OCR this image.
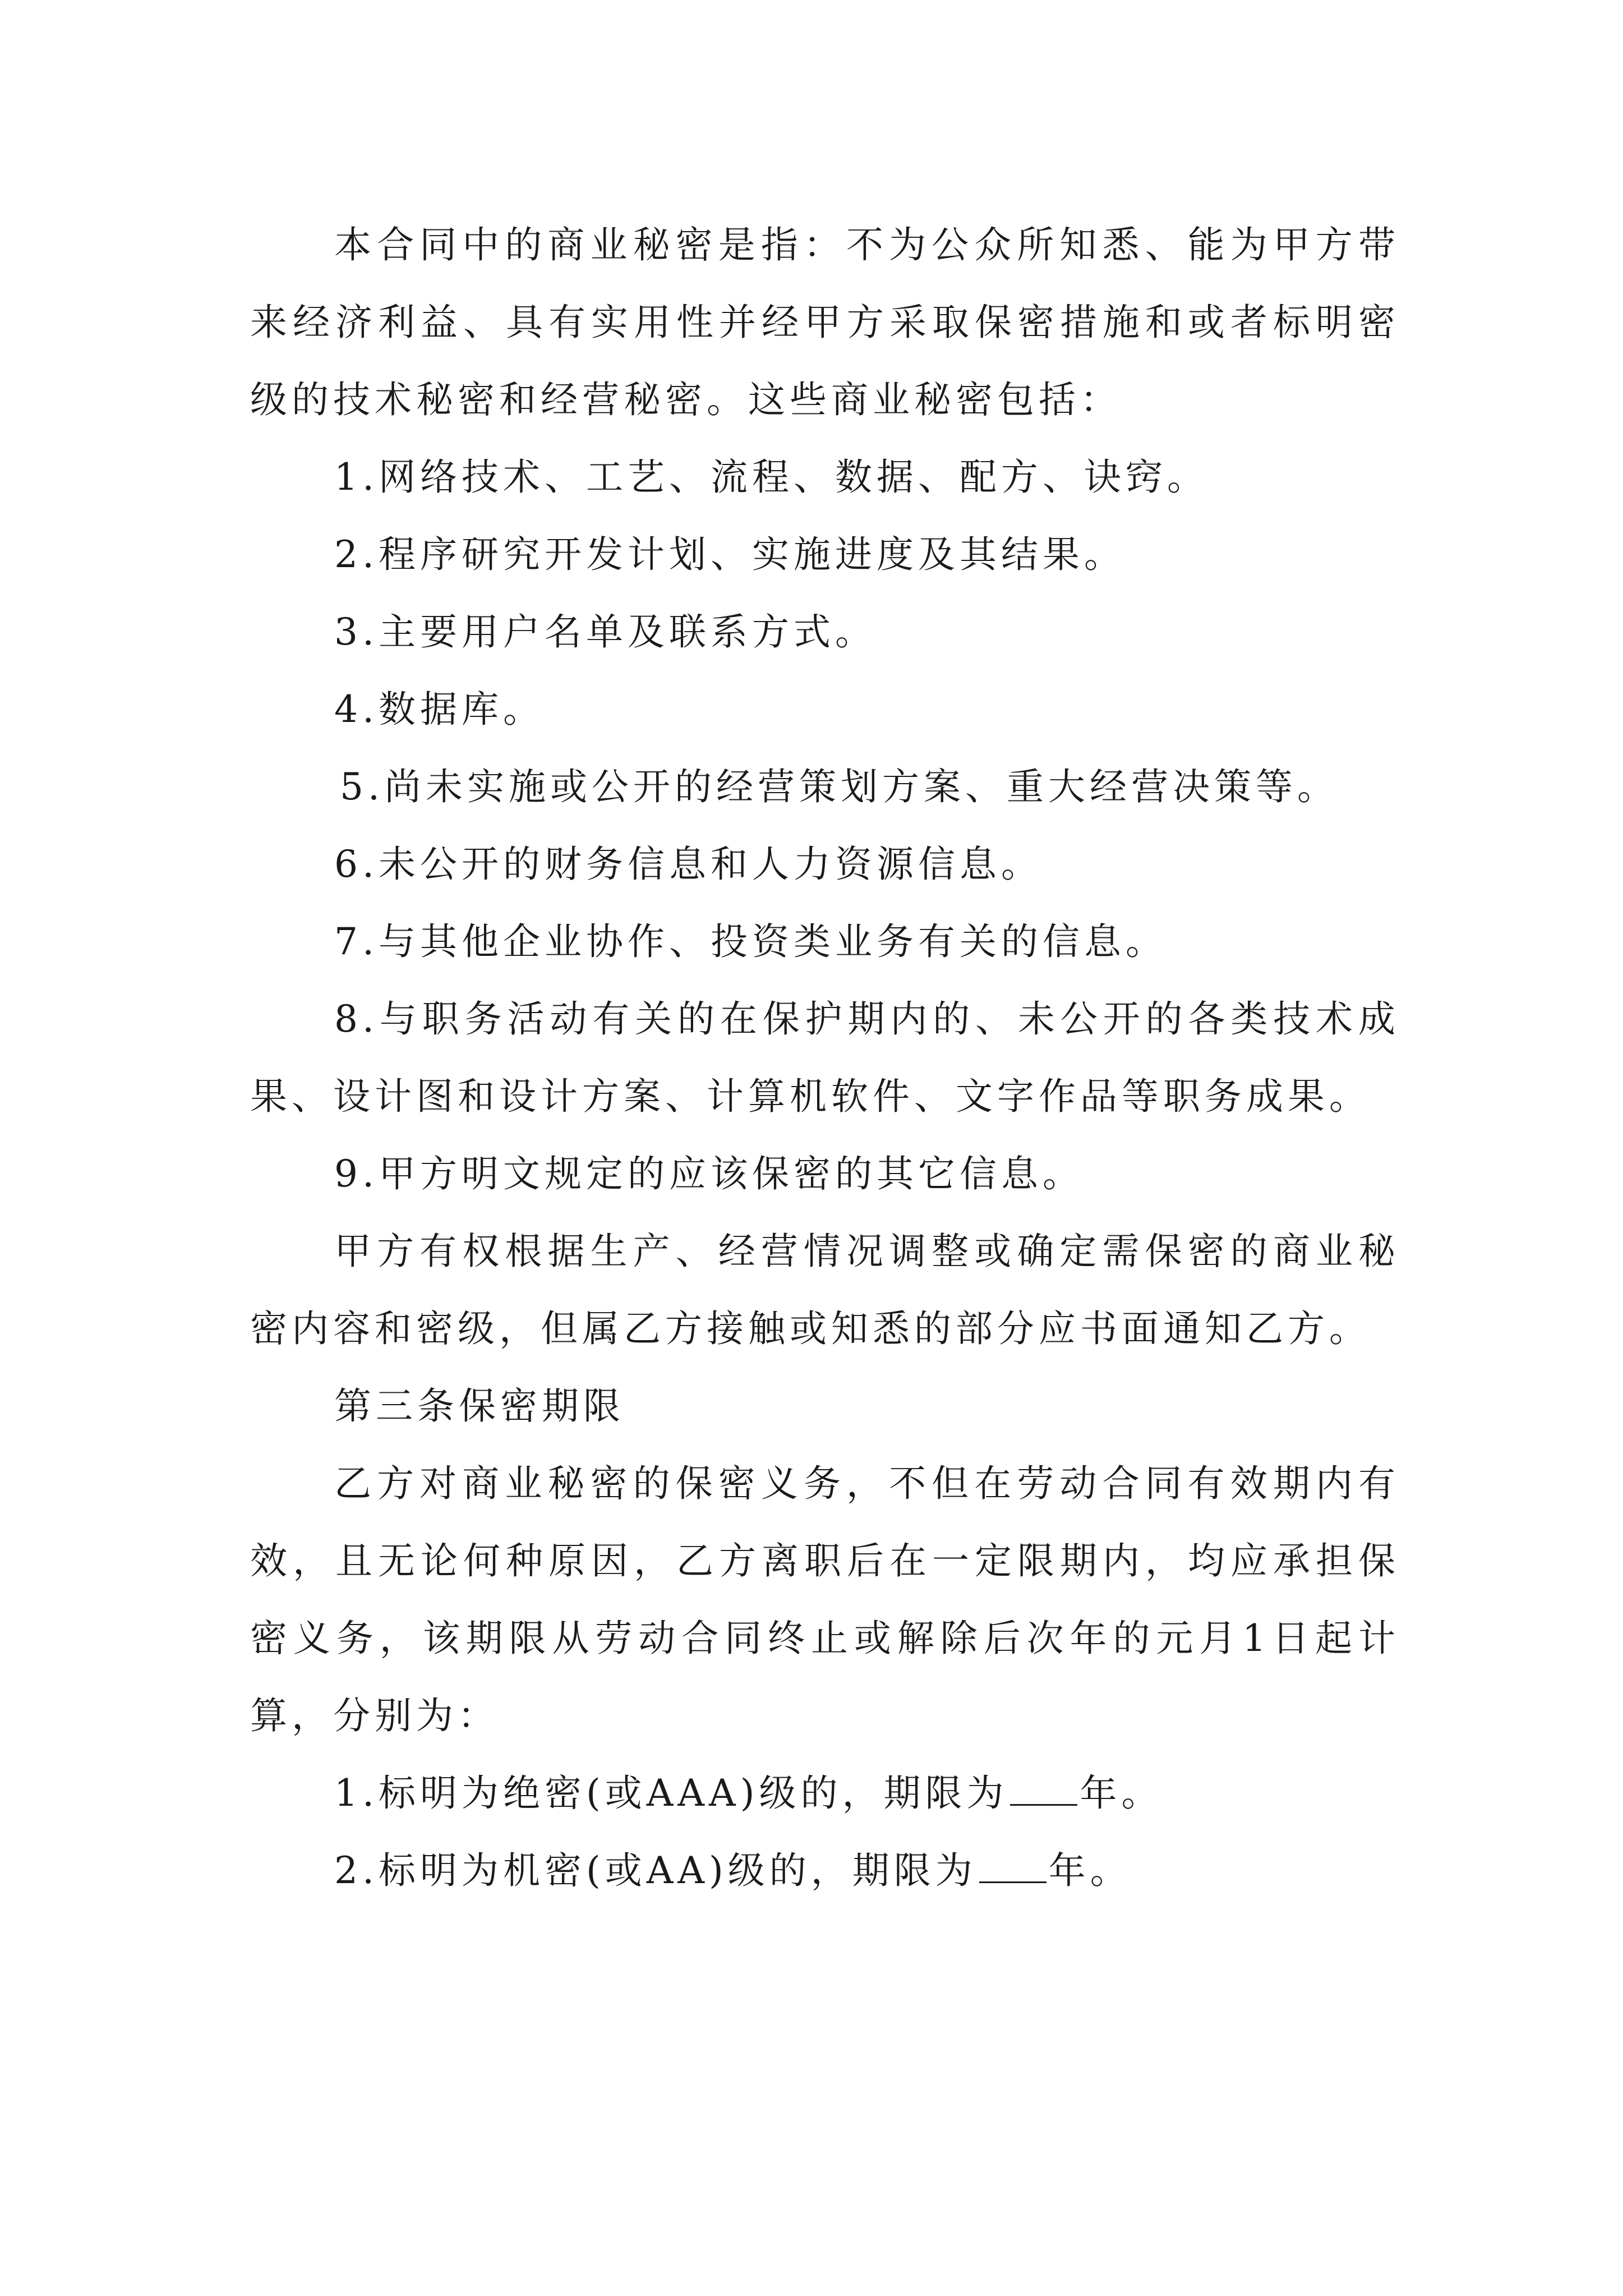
本合同中的商业秘密是指：不为公众所知悉、能为甲方带来经济利益、具有实用性并经甲方采取保密措施和或者标明密级的技术秘密和经营秘密。这些商业秘密包括：

1.网络技术、工艺、流程、数据、配方、诀窍。

2.程序研究开发计划、实施进度及其结果。

3.主要用户名单及联系方式。

4.数据库。

5.尚未实施或公开的经营策划方案、重大经营决策等。

6.未公开的财务信息和人力资源信息。

7.与其他企业协作、投资类业务有关的信息。

8.与职务活动有关的在保护期内的、未公开的各类技术成果、设计图和设计方案、计算机软件、文字作品等职务成果。

9.甲方明文规定的应该保密的其它信息。

甲方有权根据生产、经营情况调整或确定需保密的商业秘密内容和密级，但属乙方接触或知悉的部分应书面通知乙方。

第三条保密期限

乙方对商业秘密的保密义务，不但在劳动合同有效期内有效，且无论何种原因，乙方离职后在一定限期内，均应承担保密义务，该期限从劳动合同终止或解除后次年的元月1日起计算，分别为：

1.标明为绝密(或AAA)级的，期限为 年。

2.标明为机密(或AA)级的，期限为 年。
